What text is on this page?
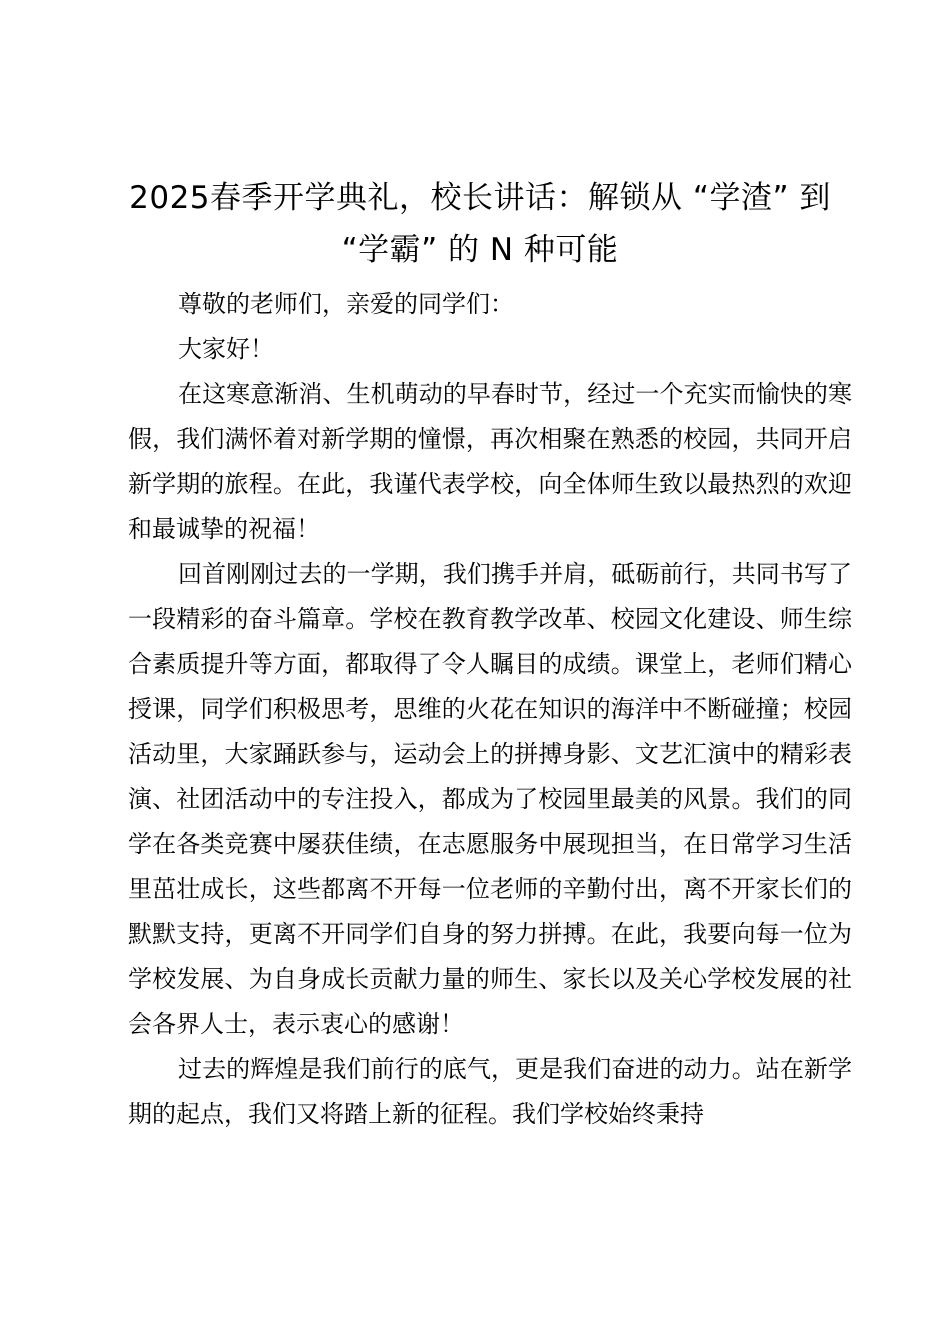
2025春季开学典礼，校长讲话：解锁从 “学渣” 到 “学霸” 的 N 种可能

尊敬的老师们，亲爱的同学们：

大家好！

在这寒意渐消、生机萌动的早春时节，经过一个充实而愉快的寒假，我们满怀着对新学期的憧憬，再次相聚在熟悉的校园，共同开启新学期的旅程。在此，我谨代表学校，向全体师生致以最热烈的欢迎和最诚挚的祝福！

回首刚刚过去的一学期，我们携手并肩，砥砺前行，共同书写了一段精彩的奋斗篇章。学校在教育教学改革、校园文化建设、师生综合素质提升等方面，都取得了令人瞩目的成绩。课堂上，老师们精心授课，同学们积极思考，思维的火花在知识的海洋中不断碰撞；校园活动里，大家踊跃参与，运动会上的拼搏身影、文艺汇演中的精彩表演、社团活动中的专注投入，都成为了校园里最美的风景。我们的同学在各类竞赛中屡获佳绩，在志愿服务中展现担当，在日常学习生活里茁壮成长，这些都离不开每一位老师的辛勤付出，离不开家长们的默默支持，更离不开同学们自身的努力拼搏。在此，我要向每一位为学校发展、为自身成长贡献力量的师生、家长以及关心学校发展的社会各界人士，表示衷心的感谢！

过去的辉煌是我们前行的底气，更是我们奋进的动力。站在新学期的起点，我们又将踏上新的征程。我们学校始终秉持
